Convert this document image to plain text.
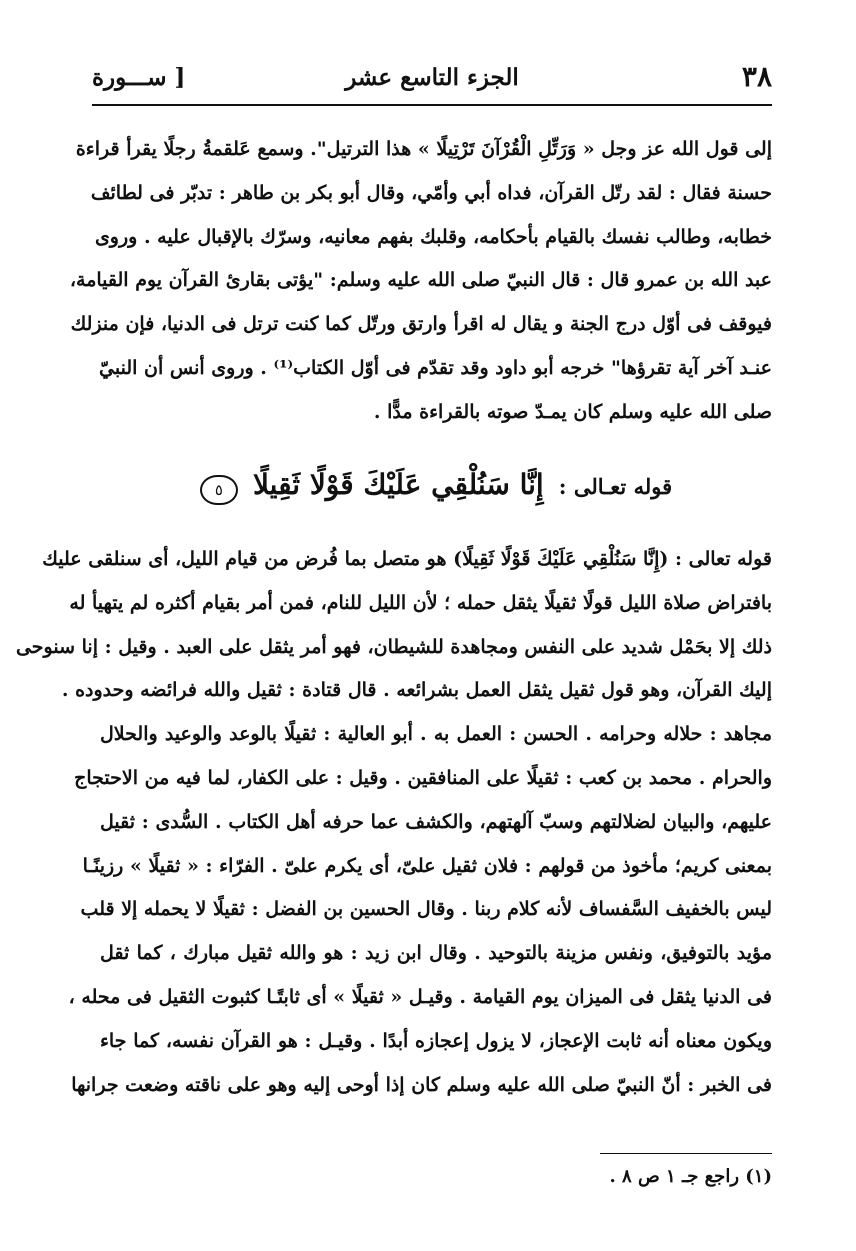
[ ســـورة	الجزء التاسع عشر	٣٨
إلى قول الله عز وجل « وَرَتِّلِ الْقُرْآنَ تَرْتِيلًا » هذا الترتيل". وسمع عَلقمةُ رجلًا يقرأ قراءة
حسنة فقال : لقد رتّل القرآن، فداه أبي وأمّي، وقال أبو بكر بن طاهر : تدبّر فى لطائف
خطابه، وطالب نفسك بالقيام بأحكامه، وقلبك بفهم معانيه، وسرّك بالإقبال عليه . وروى
عبد الله بن عمرو قال : قال النبيّ صلى الله عليه وسلم: "يؤتى بقارئ القرآن يوم القيامة،
فيوقف فى أوّل درج الجنة و يقال له اقرأ وارتق ورتّل كما كنت ترتل فى الدنيا، فإن منزلك
عنـد آخر آية تقرؤها" خرجه أبو داود وقد تقدّم فى أوّل الكتاب⁽¹⁾ . وروى أنس أن النبيّ
صلى الله عليه وسلم كان يمـدّ صوته بالقراءة مدًّا .
قوله تعـالى : إِنَّا سَنُلْقِي عَلَيْكَ قَوْلًا ثَقِيلًا ٥
قوله تعالى : (إِنَّا سَنُلْقِي عَلَيْكَ قَوْلًا ثَقِيلًا) هو متصل بما فُرض من قيام الليل، أى سنلقى عليك
بافتراض صلاة الليل قولًا ثقيلًا يثقل حمله ؛ لأن الليل للنام، فمن أمر بقيام أكثره لم يتهيأ له
ذلك إلا بحَمْل شديد على النفس ومجاهدة للشيطان، فهو أمر يثقل على العبد . وقيل : إنا سنوحى
إليك القرآن، وهو قول ثقيل يثقل العمل بشرائعه . قال قتادة : ثقيل والله فرائضه وحدوده .
مجاهد : حلاله وحرامه . الحسن : العمل به . أبو العالية : ثقيلًا بالوعد والوعيد والحلال
والحرام . محمد بن كعب : ثقيلًا على المنافقين . وقيل : على الكفار، لما فيه من الاحتجاج
عليهم، والبيان لضلالتهم وسبّ آلهتهم، والكشف عما حرفه أهل الكتاب . السُّدى : ثقيل
بمعنى كريم؛ مأخوذ من قولهم : فلان ثقيل علىّ، أى يكرم علىّ . الفرّاء : « ثقيلًا » رزينًـا
ليس بالخفيف السَّفساف لأنه كلام ربنا . وقال الحسين بن الفضل : ثقيلًا لا يحمله إلا قلب
مؤيد بالتوفيق، ونفس مزينة بالتوحيد . وقال ابن زيد : هو والله ثقيل مبارك ، كما ثقل
فى الدنيا يثقل فى الميزان يوم القيامة . وقيـل « ثقيلًا » أى ثابتًـا كثبوت الثقيل فى محله ،
ويكون معناه أنه ثابت الإعجاز، لا يزول إعجازه أبدًا . وقيـل : هو القرآن نفسه، كما جاء
فى الخبر : أنّ النبيّ صلى الله عليه وسلم كان إذا أوحى إليه وهو على ناقته وضعت جرانها
(١) راجع جـ ١ ص ٨ .
